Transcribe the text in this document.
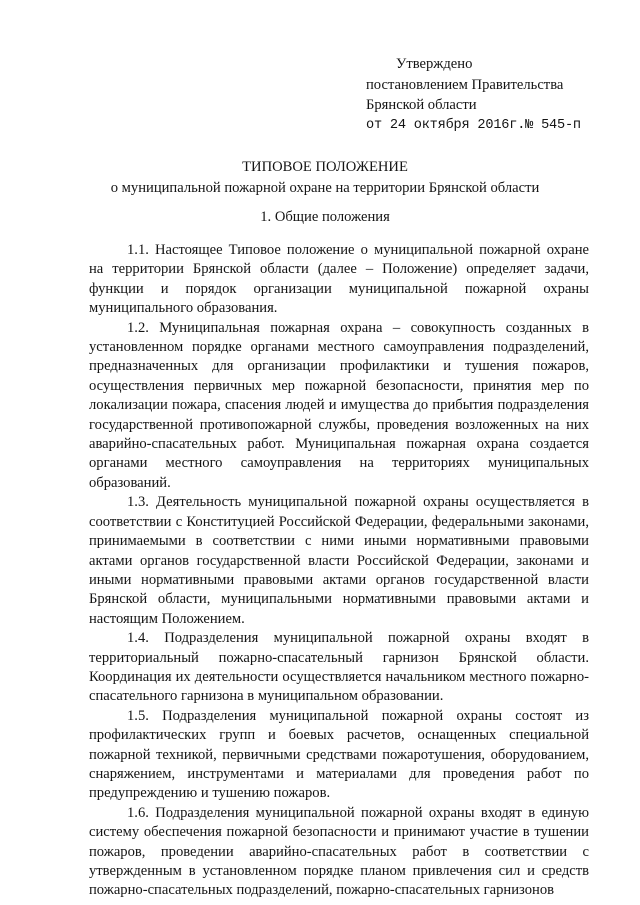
Утверждено
постановлением Правительства
Брянской области
от 24 октября 2016г.№ 545-п
ТИПОВОЕ ПОЛОЖЕНИЕ
о муниципальной пожарной охране на территории Брянской области
1. Общие положения

1.1. Настоящее Типовое положение о муниципальной пожарной охране на территории Брянской области (далее – Положение) определяет задачи, функции и порядок организации муниципальной пожарной охраны муниципального образования.

1.2. Муниципальная пожарная охрана – совокупность созданных в установленном порядке органами местного самоуправления подразделений, предназначенных для организации профилактики и тушения пожаров, осуществления первичных мер пожарной безопасности, принятия мер по локализации пожара, спасения людей и имущества до прибытия подразделения государственной противопожарной службы, проведения возложенных на них аварийно-спасательных работ. Муниципальная пожарная охрана создается органами местного самоуправления на территориях муниципальных образований.

1.3. Деятельность муниципальной пожарной охраны осуществляется в соответствии с Конституцией Российской Федерации, федеральными законами, принимаемыми в соответствии с ними иными нормативными правовыми актами органов государственной власти Российской Федерации, законами и иными нормативными правовыми актами органов государственной власти Брянской области, муниципальными нормативными правовыми актами и настоящим Положением.

1.4. Подразделения муниципальной пожарной охраны входят в территориальный пожарно-спасательный гарнизон Брянской области. Координация их деятельности осуществляется начальником местного пожарно-спасательного гарнизона в муниципальном образовании.

1.5. Подразделения муниципальной пожарной охраны состоят из профилактических групп и боевых расчетов, оснащенных специальной пожарной техникой, первичными средствами пожаротушения, оборудованием, снаряжением, инструментами и материалами для проведения работ по предупреждению и тушению пожаров.

1.6. Подразделения муниципальной пожарной охраны входят в единую систему обеспечения пожарной безопасности и принимают участие в тушении пожаров, проведении аварийно-спасательных работ в соответствии с утвержденным в установленном порядке планом привлечения сил и средств пожарно-спасательных подразделений, пожарно-спасательных гарнизонов
